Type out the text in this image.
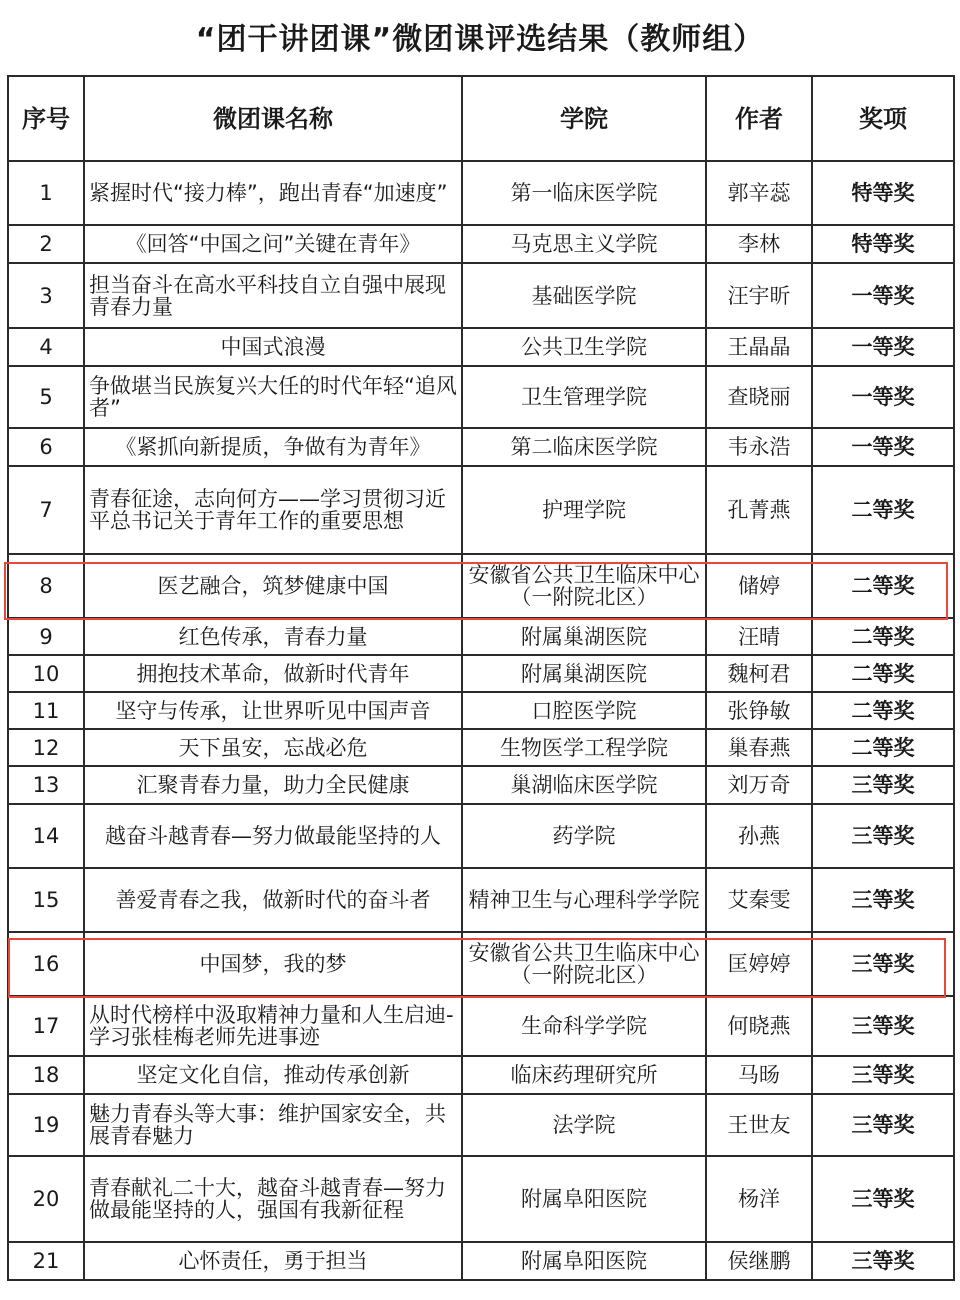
“团干讲团课”微团课评选结果（教师组）
序号	微团课名称	学院	作者	奖项
1	紧握时代“接力棒”，跑出青春“加速度”	第一临床医学院	郭辛蕊	特等奖
2	《回答“中国之问”关键在青年》	马克思主义学院	李林	特等奖
3	担当奋斗在高水平科技自立自强中展现青春力量	基础医学院	汪宇昕	一等奖
4	中国式浪漫	公共卫生学院	王晶晶	一等奖
5	争做堪当民族复兴大任的时代年轻“追风者”	卫生管理学院	查晓丽	一等奖
6	《紧抓向新提质，争做有为青年》	第二临床医学院	韦永浩	一等奖
7	青春征途，志向何方——学习贯彻习近平总书记关于青年工作的重要思想	护理学院	孔菁燕	二等奖
8	医艺融合，筑梦健康中国	安徽省公共卫生临床中心（一附院北区）	储婷	二等奖
9	红色传承，青春力量	附属巢湖医院	汪晴	二等奖
10	拥抱技术革命，做新时代青年	附属巢湖医院	魏柯君	二等奖
11	坚守与传承，让世界听见中国声音	口腔医学院	张铮敏	二等奖
12	天下虽安，忘战必危	生物医学工程学院	巢春燕	二等奖
13	汇聚青春力量，助力全民健康	巢湖临床医学院	刘万奇	三等奖
14	越奋斗越青春—努力做最能坚持的人	药学院	孙燕	三等奖
15	善爱青春之我，做新时代的奋斗者	精神卫生与心理科学学院	艾秦雯	三等奖
16	中国梦，我的梦	安徽省公共卫生临床中心（一附院北区）	匡婷婷	三等奖
17	从时代榜样中汲取精神力量和人生启迪-学习张桂梅老师先进事迹	生命科学学院	何晓燕	三等奖
18	坚定文化自信，推动传承创新	临床药理研究所	马旸	三等奖
19	魅力青春头等大事：维护国家安全，共展青春魅力	法学院	王世友	三等奖
20	青春献礼二十大，越奋斗越青春—努力做最能坚持的人，强国有我新征程	附属阜阳医院	杨洋	三等奖
21	心怀责任，勇于担当	附属阜阳医院	侯继鹏	三等奖
